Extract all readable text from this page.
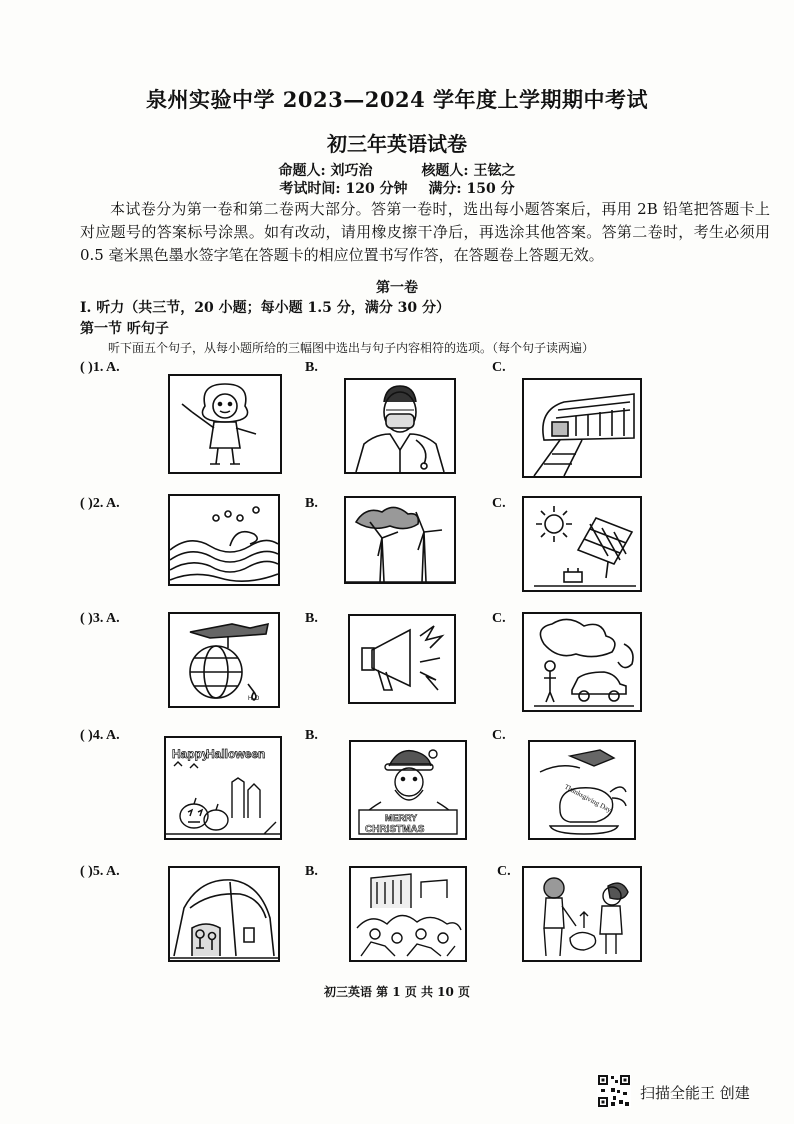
泉州实验中学 2023—2024 学年度上学期期中考试
初三年英语试卷
命题人: 刘巧治	核题人: 王铉之
考试时间: 120 分钟 满分: 150 分
本试卷分为第一卷和第二卷两大部分。答第一卷时，选出每小题答案后，再用 2B 铅笔把答题卡上对应题号的答案标号涂黑。如有改动，请用橡皮擦干净后，再选涂其他答案。答第二卷时，考生必须用 0.5 毫米黑色墨水签字笔在答题卡的相应位置书写作答，在答题卷上答题无效。
第一卷
I. 听力（共三节，20 小题；每小题 1.5 分，满分 30 分）
第一节 听句子
听下面五个句子，从每小题所给的三幅图中选出与句子内容相符的选项。（每个句子读两遍）
( )1. A.	B.	C.
( )2. A.	B.	C.
( )3. A.	B.	C.
H₂O
( )4. A.	B.	C.
Happy
Halloween
MERRY
CHRISTMAS
Thanksgiving Day
( )5. A.	B.	C.
初三英语 第 1 页 共 10 页
扫描全能王 创建
